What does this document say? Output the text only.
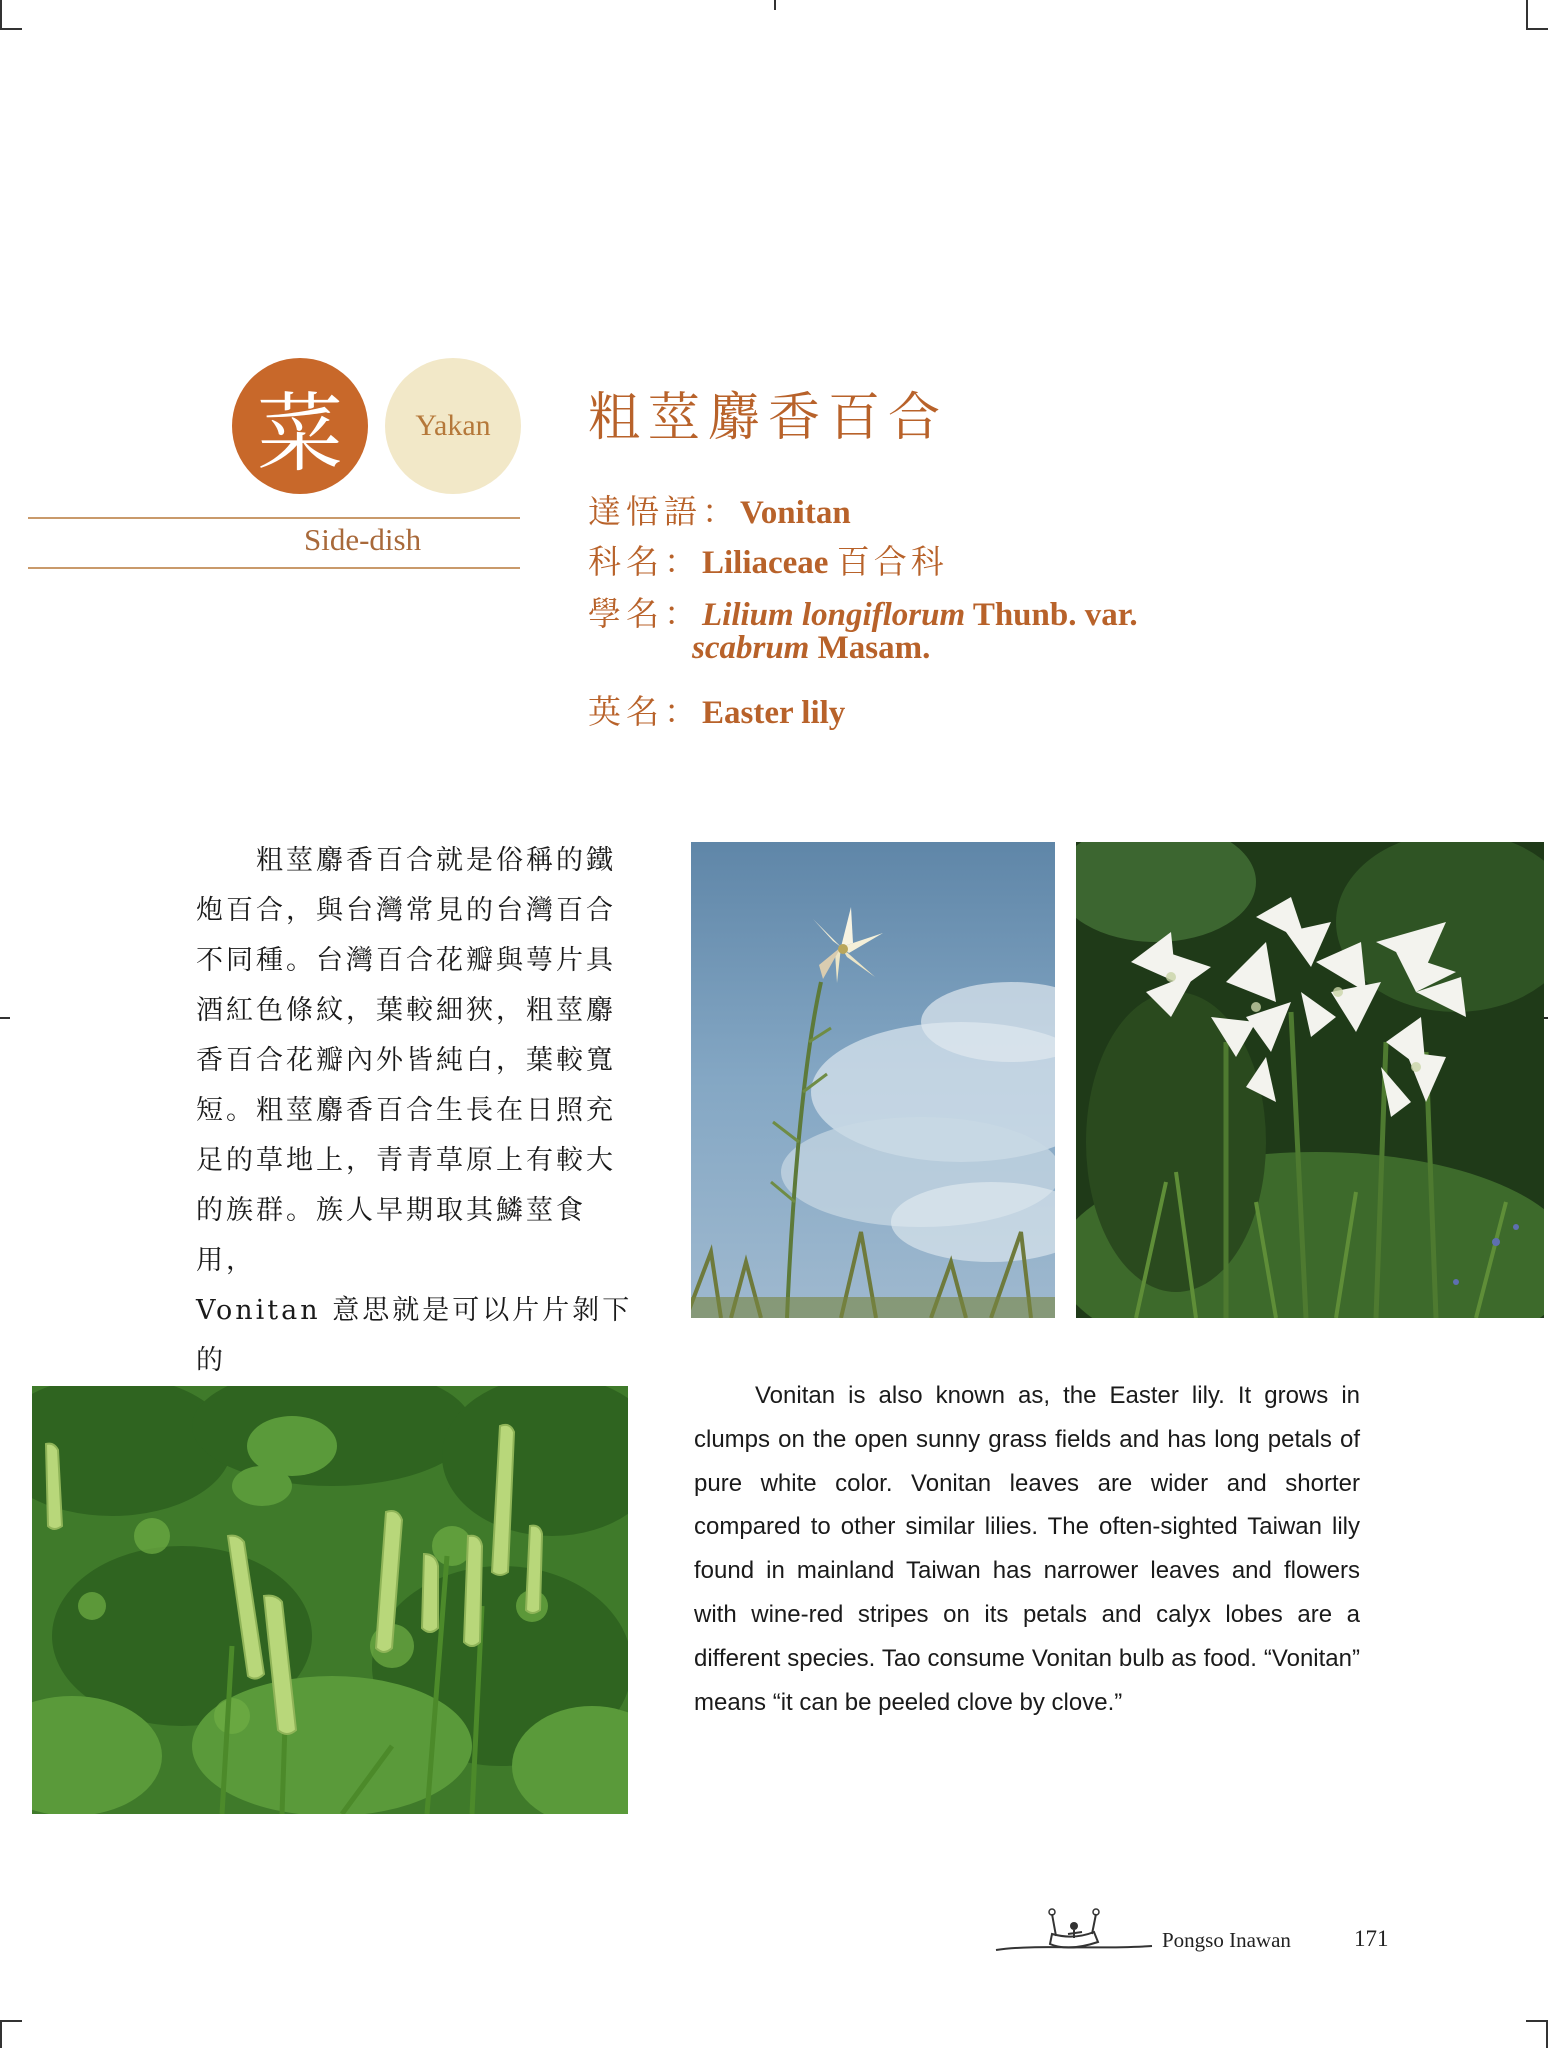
菜 Yakan
Side-dish
粗莖麝香百合
達悟語：Vonitan
科名：Liliaceae 百合科
學名：Lilium longiflorum Thunb. var.
scabrum Masam.
英名：Easter lily
　　粗莖麝香百合就是俗稱的鐵
炮百合，與台灣常見的台灣百合
不同種。台灣百合花瓣與萼片具
酒紅色條紋，葉較細狹，粗莖麝
香百合花瓣內外皆純白，葉較寬
短。粗莖麝香百合生長在日照充
足的草地上，青青草原上有較大
的族群。族人早期取其鱗莖食用，
Vonitan 意思就是可以片片剝下的
Vonitan is also known as, the Easter lily. It grows in clumps on the open sunny grass fields and has long petals of pure white color. Vonitan leaves are wider and shorter compared to other similar lilies. The often-sighted Taiwan lily found in mainland Taiwan has narrower leaves and flowers with wine-red stripes on its petals and calyx lobes are a different species. Tao consume Vonitan bulb as food. “Vonitan” means “it can be peeled clove by clove.”
Pongso Inawan	171
